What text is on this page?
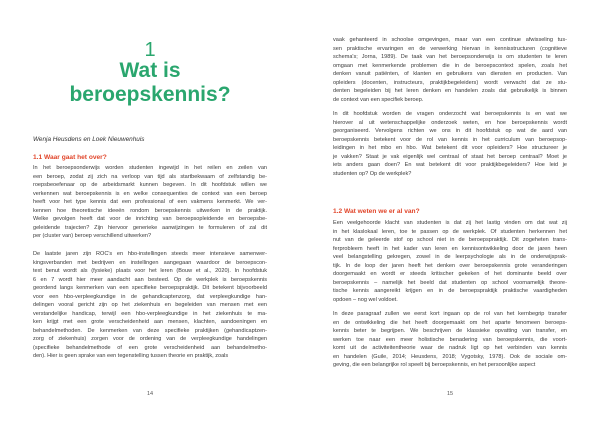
1
Wat is
beroepskennis?
Wenja Heusdens en Loek Nieuwenhuis
1.1 Waar gaat het over?

In het beroepsonderwijs worden studenten ingewijd in het reilen en zeilen van
een beroep, zodat zij zich na verloop van tijd als startbekwaam of zelfstandig be-
roepsbeoefenaar op de arbeidsmarkt kunnen begeven. In dit hoofdstuk willen we
verkennen wat beroepskennis is en welke consequenties de context van een beroep
heeft voor het type kennis dat een professional of een vakmens kenmerkt. We ver-
kennen hoe theoretische ideeën rondom beroepskennis uitwerken in de praktijk.
Welke gevolgen heeft dat voor de inrichting van beroepsopleidende en beroepsbe-
geleidende trajecten? Zijn hiervoor generieke aanwijzingen te formuleren of zal dit
per (cluster van) beroep verschillend uitwerken?

De laatste jaren zijn ROC's en hbo-instellingen steeds meer intensieve samenwer-
kingsverbanden met bedrijven en instellingen aangegaan waardoor de beroepscon-
text benut wordt als (fysieke) plaats voor het leren (Bouw et al., 2020). In hoofdstuk
6 en 7 wordt hier meer aandacht aan besteed. Op de werkplek is beroepskennis
geordend langs kenmerken van een specifieke beroepspraktijk. Dit betekent bijvoorbeeld
voor een hbo-verpleegkundige in de gehandicaptenzorg, dat verpleegkundige han-
delingen vooral gericht zijn op het ziekenhuis en begeleiden van mensen met een
verstandelijke handicap, terwijl een hbo-verpleegkundige in het ziekenhuis te ma-
ken krijgt met een grote verscheidenheid aan mensen, klachten, aandoeningen en
behandelmethoden. De kenmerken van deze specifieke praktijken (gehandicaptzen-
zorg of ziekenhuis) zorgen voor de ordening van de verpleegkundige handelingen
(specifieke behandelmethode of een grote verscheidenheid aan behandelmetho-
den). Hier is geen sprake van een tegenstelling tussen theorie en praktijk, zoals

14

vaak gehanteerd in schoolse omgevingen, maar van een continue afwisseling tus-
sen praktische ervaringen en de verwerking hiervan in kennisstructuren (cognitieve
schema's; Jorna, 1989). De taak van het beroepsonderwijs is om studenten te leren
omgaan met kenmerkende problemen die in de beroepscontext spelen, zoals het
denken vanuit patiënten, of klanten en gebruikers van diensten en producten. Van
opleiders (docenten, instructeurs, praktijkbegeleiders) wordt verwacht dat ze stu-
denten begeleiden bij het leren denken en handelen zoals dat gebruikelijk is binnen
de context van een specifiek beroep.

In dit hoofdstuk worden de vragen onderzocht wat beroepskennis is en wat we
hierover al uit wetenschappelijke onderzoek weten, en hoe beroepskennis wordt
georganiseerd. Vervolgens richten we ons in dit hoofdstuk op wat de aard van
beroepskennis betekent voor de rol van kennis in het curriculum van beroepsop-
leidingen in het mbo en hbo. Wat betekent dit voor opleiders? Hoe structureer je
je vakken? Staat je vak eigenlijk wel centraal of staat het beroep centraal? Moet je
iets anders gaan doen? En wat betekent dit voor praktijkbegeleiders? Hoe leid je
studenten op? Op de werkplek?

1.2 Wat weten we er al van?

Een veelgehoorde klacht van studenten is dat zij het lastig vinden om dat wat zij
in het klaslokaal leren, toe te passen op de werkplek. Of studenten herkennen het
nut van de geleerde stof op school niet in de beroepspraktijk. Dit zogeheten trans-
ferprobleem heeft in het kader van leren en kennisontwikkeling door de jaren heen
veel belangstelling gekregen, zowel in de leerpsychologie als in de onderwijsprak-
tijk. In de loop der jaren heeft het denken over beroepskennis grote veranderingen
doorgemaakt en wordt er steeds kritischer gekeken of het dominante beeld over
beroepskennis – namelijk het beeld dat studenten op school voornamelijk theore-
tische kennis aangereikt krijgen en in de beroepspraktijk praktische vaardigheden
opdoen – nog wel voldoet.

In deze paragraaf zullen we eerst kort ingaan op de rol van het kernbegrip transfer
en de ontwikkeling die het heeft doorgemaakt om het aparte fenomeen beroeps-
kennis beter te begrijpen. We beschrijven de klassieke opvatting van transfer, en
werken toe naar een meer holistische benadering van beroepskennis, die voort-
komt uit de activiteitentheorie waar de nadruk ligt op het verbinden van kennis
en handelen (Guile, 2014; Heusdens, 2018; Vygotsky, 1978). Ook de sociale om-
geving, die een belangrijke rol speelt bij beroepskennis, en het persoonlijke aspect

15
